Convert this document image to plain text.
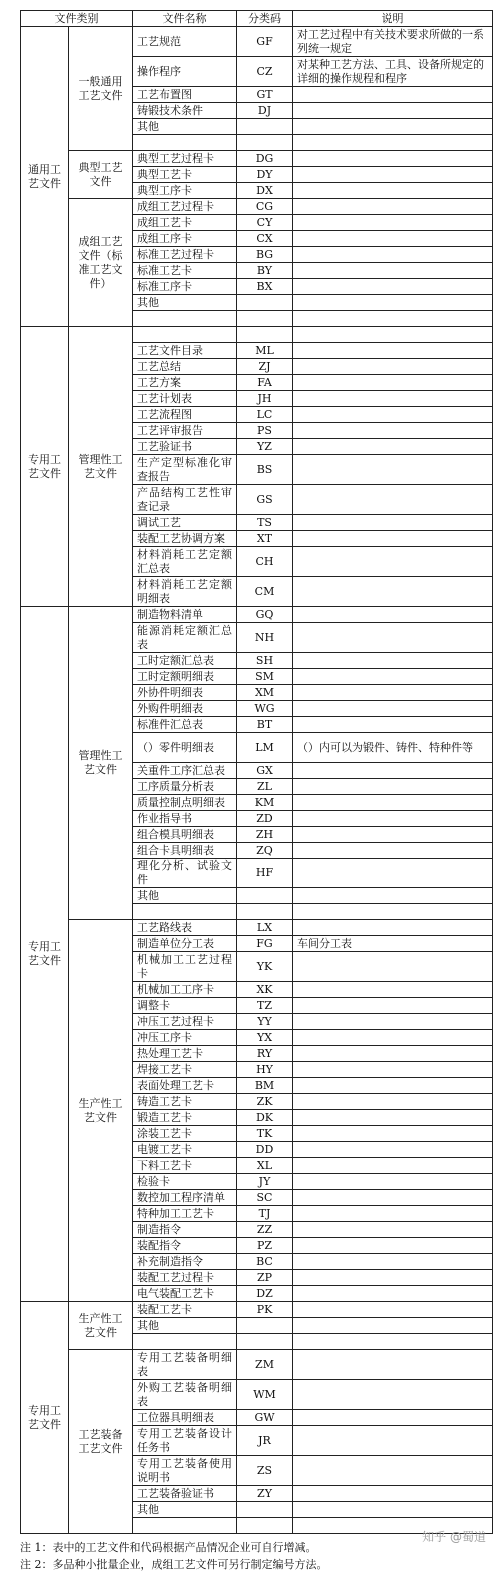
文件类别		文件名称	分类码	说明
通用工艺文件	一般通用工艺文件	工艺规范	GF	对工艺过程中有关技术要求所做的一系列统一规定
		操作程序	CZ	对某种工艺方法、工具、设备所规定的详细的操作规程和程序
		工艺布置图	GT	
		铸锻技术条件	DJ	
		其他		

	典型工艺文件	典型工艺过程卡	DG	
		典型工艺卡	DY	
		典型工序卡	DX	
	成组工艺文件（标准工艺文件）	成组工艺过程卡	CG	
		成组工艺卡	CY	
		成组工序卡	CX	
		标准工艺过程卡	BG	
		标准工艺卡	BY	
		标准工序卡	BX	
		其他		

专用工艺文件	管理性工艺文件			
		工艺文件目录	ML	
		工艺总结	ZJ	
		工艺方案	FA	
		工艺计划表	JH	
		工艺流程图	LC	
		工艺评审报告	PS	
		工艺验证书	YZ	
		生产定型标准化审查报告	BS	
		产品结构工艺性审查记录	GS	
		调试工艺	TS	
		装配工艺协调方案	XT	
		材料消耗工艺定额汇总表	CH	
		材料消耗工艺定额明细表	CM	
专用工艺文件	管理性工艺文件	制造物料清单	GQ	
		能源消耗定额汇总表	NH	
		工时定额汇总表	SH	
		工时定额明细表	SM	
		外协件明细表	XM	
		外购件明细表	WG	
		标准件汇总表	BT	
		（）零件明细表	LM	（）内可以为锻件、铸件、特种件等
		关重件工序汇总表	GX	
		工序质量分析表	ZL	
		质量控制点明细表	KM	
		作业指导书	ZD	
		组合模具明细表	ZH	
		组合卡具明细表	ZQ	
		理化分析、试验文件	HF	
		其他		

	生产性工艺文件	工艺路线表	LX	
		制造单位分工表	FG	车间分工表
		机械加工工艺过程卡	YK	
		机械加工工序卡	XK	
		调整卡	TZ	
		冲压工艺过程卡	YY	
		冲压工序卡	YX	
		热处理工艺卡	RY	
		焊接工艺卡	HY	
		表面处理工艺卡	BM	
		铸造工艺卡	ZK	
		锻造工艺卡	DK	
		涂装工艺卡	TK	
		电镀工艺卡	DD	
		下料工艺卡	XL	
		检验卡	JY	
		数控加工程序清单	SC	
		特种加工工艺卡	TJ	
		制造指令	ZZ	
		装配指令	PZ	
		补充制造指令	BC	
		装配工艺过程卡	ZP	
		电气装配工艺卡	DZ	
专用工艺文件	生产性工艺文件	装配工艺卡	PK	
		其他		

	工艺装备工艺文件	专用工艺装备明细表	ZM	
		外购工艺装备明细表	WM	
		工位器具明细表	GW	
		专用工艺装备设计任务书	JR	
		专用工艺装备使用说明书	ZS	
		工艺装备验证书	ZY	
		其他		

注 1：表中的工艺文件和代码根据产品情况企业可自行增减。
注 2：多品种小批量企业，成组工艺文件可另行制定编号方法。
知乎 @蜀道
